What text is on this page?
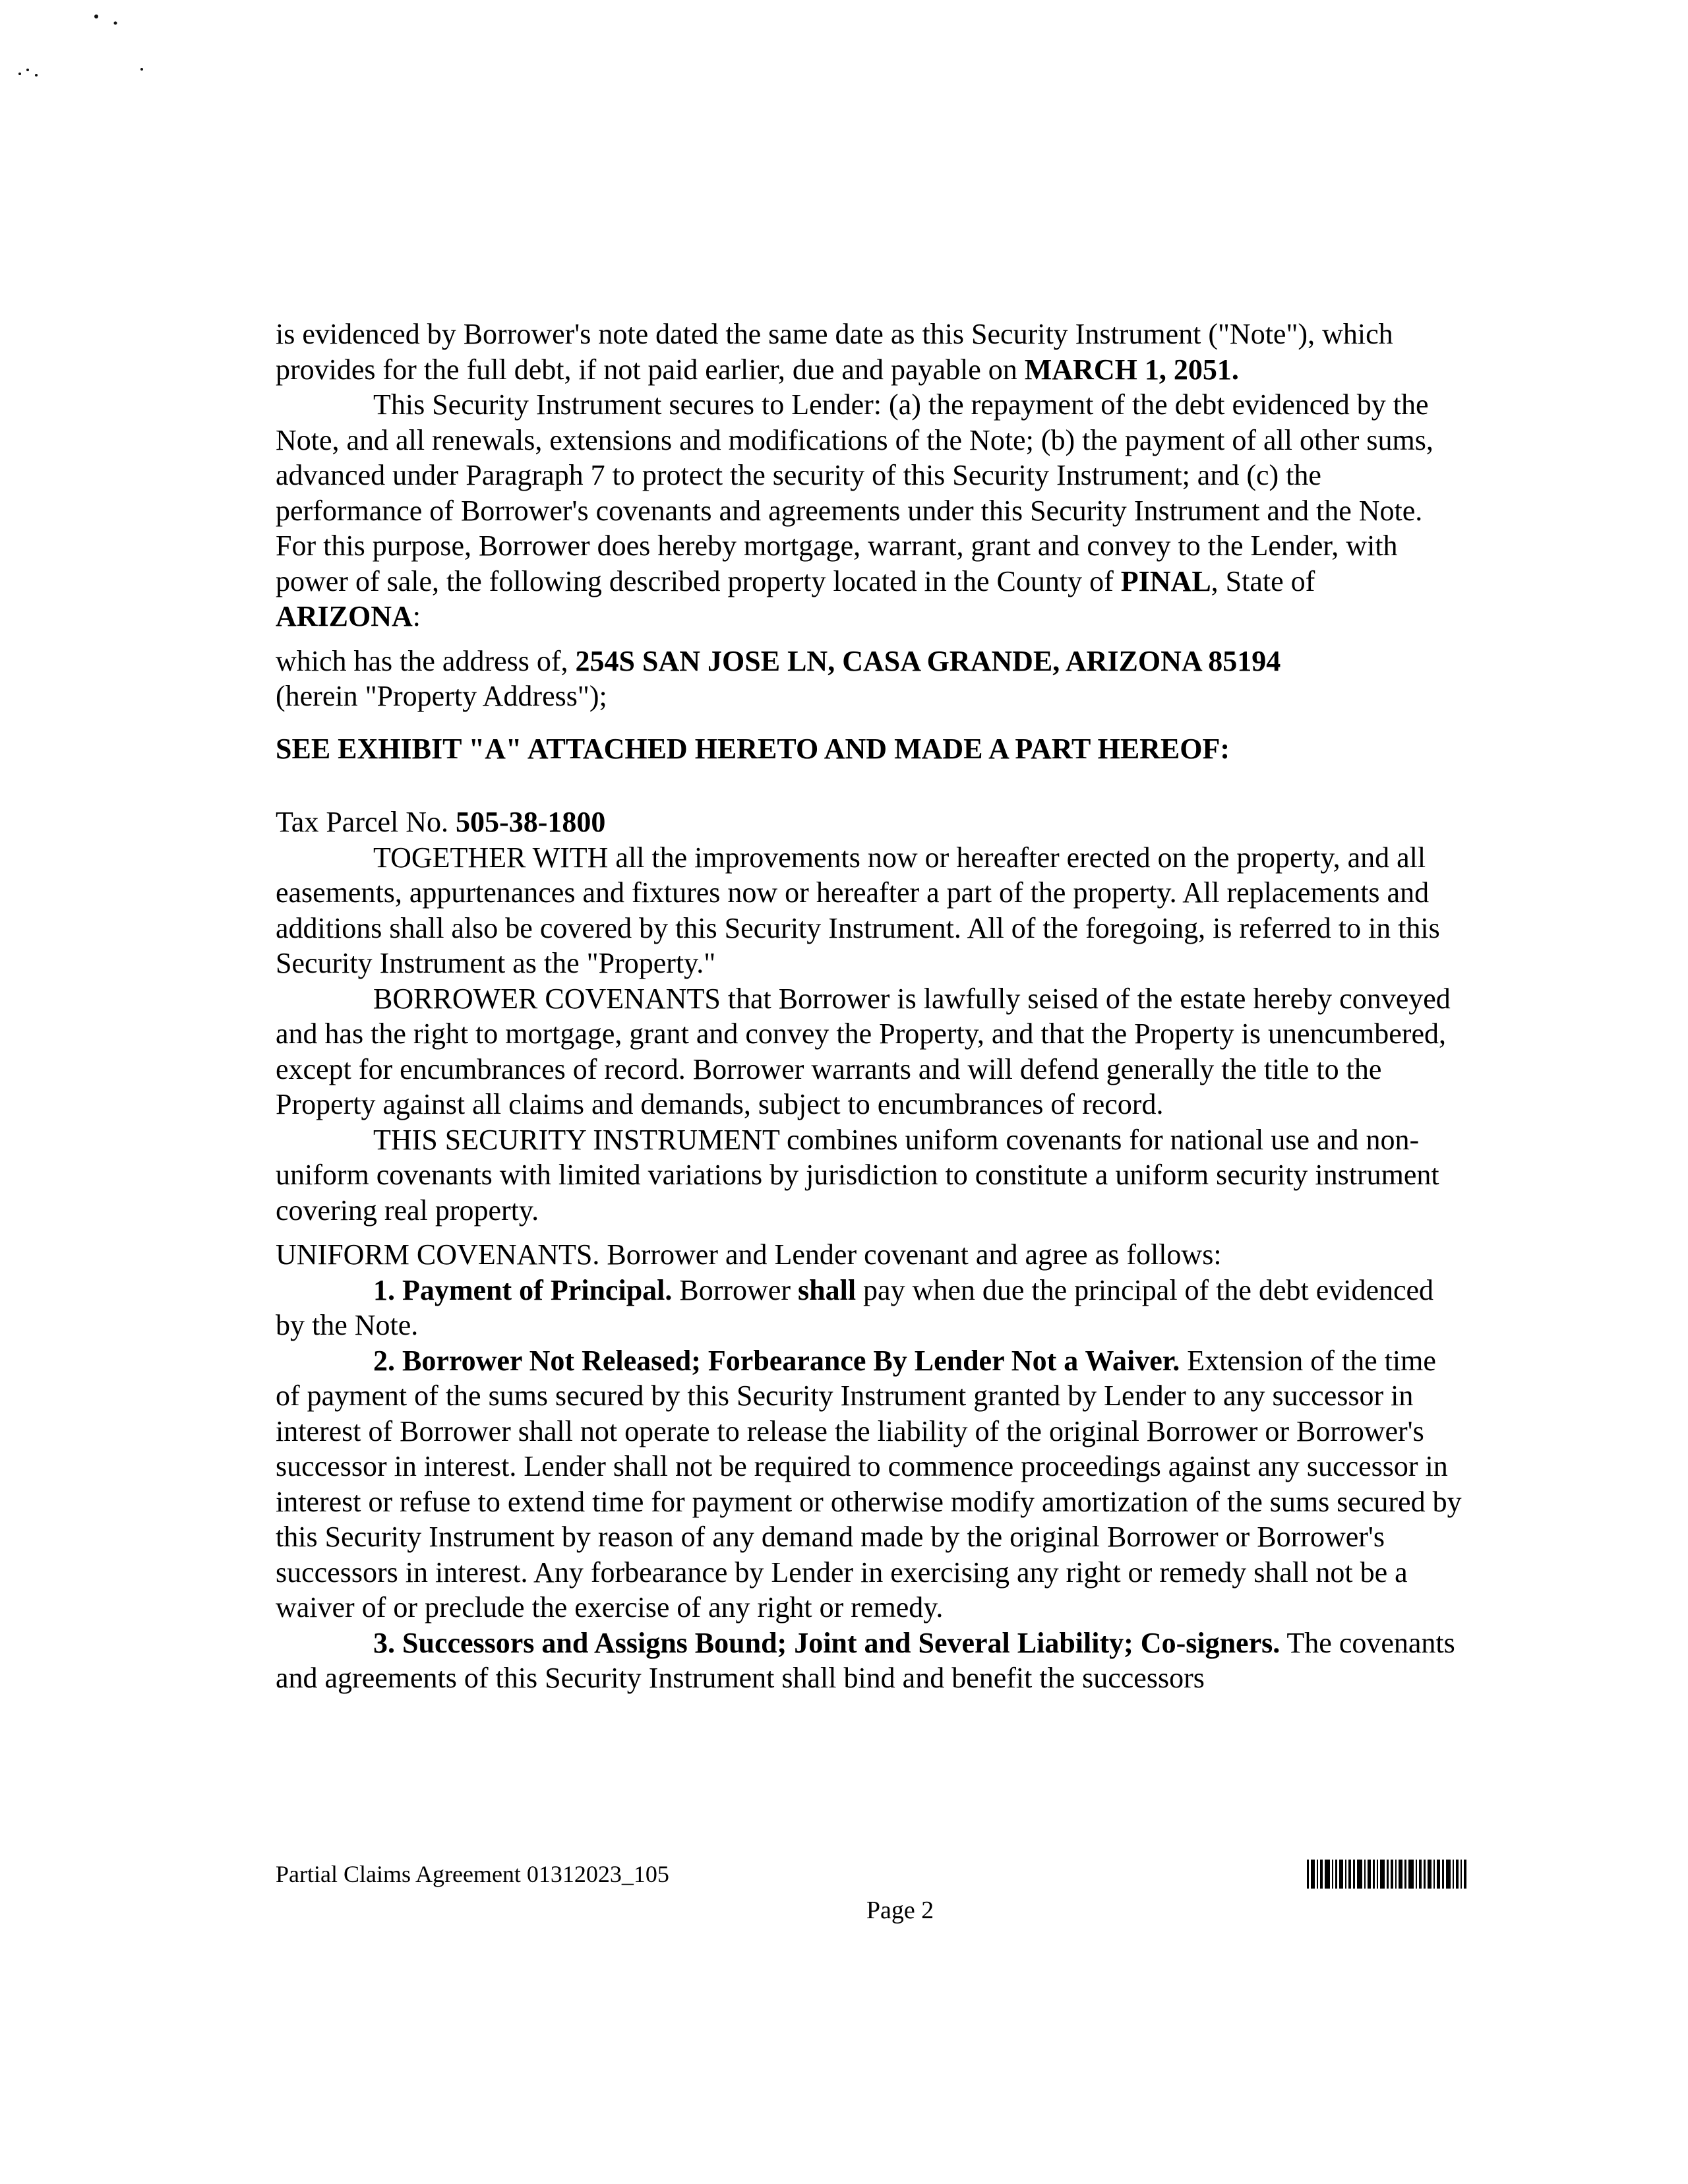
is evidenced by Borrower's note dated the same date as this Security Instrument ("Note"), which provides for the full debt, if not paid earlier, due and payable on MARCH 1, 2051.

This Security Instrument secures to Lender: (a) the repayment of the debt evidenced by the Note, and all renewals, extensions and modifications of the Note; (b) the payment of all other sums, advanced under Paragraph 7 to protect the security of this Security Instrument; and (c) the performance of Borrower's covenants and agreements under this Security Instrument and the Note. For this purpose, Borrower does hereby mortgage, warrant, grant and convey to the Lender, with power of sale, the following described property located in the County of PINAL, State of ARIZONA:

which has the address of, 254S SAN JOSE LN, CASA GRANDE, ARIZONA 85194
(herein "Property Address");

SEE EXHIBIT "A" ATTACHED HERETO AND MADE A PART HEREOF:

Tax Parcel No. 505-38-1800

TOGETHER WITH all the improvements now or hereafter erected on the property, and all easements, appurtenances and fixtures now or hereafter a part of the property. All replacements and additions shall also be covered by this Security Instrument. All of the foregoing, is referred to in this Security Instrument as the "Property."

BORROWER COVENANTS that Borrower is lawfully seised of the estate hereby conveyed and has the right to mortgage, grant and convey the Property, and that the Property is unencumbered, except for encumbrances of record. Borrower warrants and will defend generally the title to the Property against all claims and demands, subject to encumbrances of record.

THIS SECURITY INSTRUMENT combines uniform covenants for national use and non-uniform covenants with limited variations by jurisdiction to constitute a uniform security instrument covering real property.

UNIFORM COVENANTS. Borrower and Lender covenant and agree as follows:

1. Payment of Principal. Borrower shall pay when due the principal of the debt evidenced by the Note.

2. Borrower Not Released; Forbearance By Lender Not a Waiver. Extension of the time of payment of the sums secured by this Security Instrument granted by Lender to any successor in interest of Borrower shall not operate to release the liability of the original Borrower or Borrower's successor in interest. Lender shall not be required to commence proceedings against any successor in interest or refuse to extend time for payment or otherwise modify amortization of the sums secured by this Security Instrument by reason of any demand made by the original Borrower or Borrower's successors in interest. Any forbearance by Lender in exercising any right or remedy shall not be a waiver of or preclude the exercise of any right or remedy.

3. Successors and Assigns Bound; Joint and Several Liability; Co-signers. The covenants and agreements of this Security Instrument shall bind and benefit the successors

Partial Claims Agreement 01312023_105
Page 2
